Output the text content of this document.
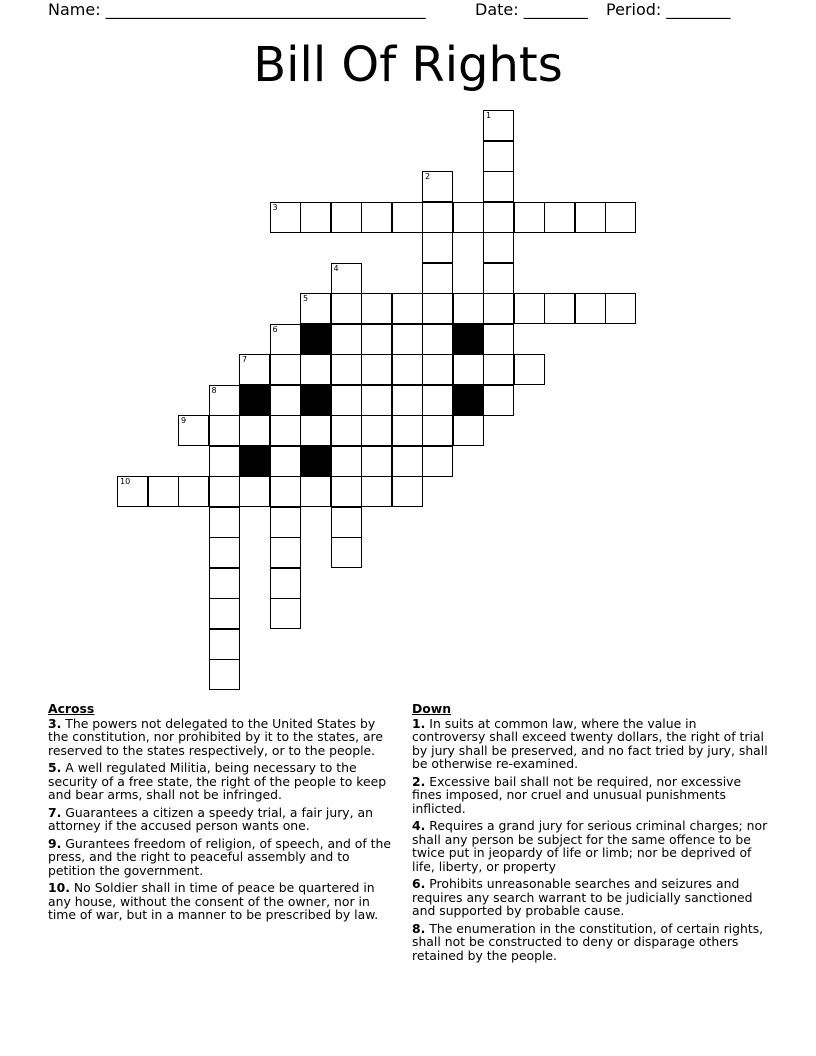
Name: ________________________________________	Date: ________ Period: ________
Bill Of Rights
1
2
3
4
5
6
7
8
9
10
Across
3. The powers not delegated to the United States by the constitution, nor prohibited by it to the states, are reserved to the states respectively, or to the people.
5. A well regulated Militia, being necessary to the security of a free state, the right of the people to keep and bear arms, shall not be infringed.
7. Guarantees a citizen a speedy trial, a fair jury, an attorney if the accused person wants one.
9. Gurantees freedom of religion, of speech, and of the press, and the right to peaceful assembly and to petition the government.
10. No Soldier shall in time of peace be quartered in any house, without the consent of the owner, nor in time of war, but in a manner to be prescribed by law.
Down
1. In suits at common law, where the value in controversy shall exceed twenty dollars, the right of trial by jury shall be preserved, and no fact tried by jury, shall be otherwise re-examined.
2. Excessive bail shall not be required, nor excessive fines imposed, nor cruel and unusual punishments inflicted.
4. Requires a grand jury for serious criminal charges; nor shall any person be subject for the same offence to be twice put in jeopardy of life or limb; nor be deprived of life, liberty, or property
6. Prohibits unreasonable searches and seizures and requires any search warrant to be judicially sanctioned and supported by probable cause.
8. The enumeration in the constitution, of certain rights, shall not be constructed to deny or disparage others retained by the people.
